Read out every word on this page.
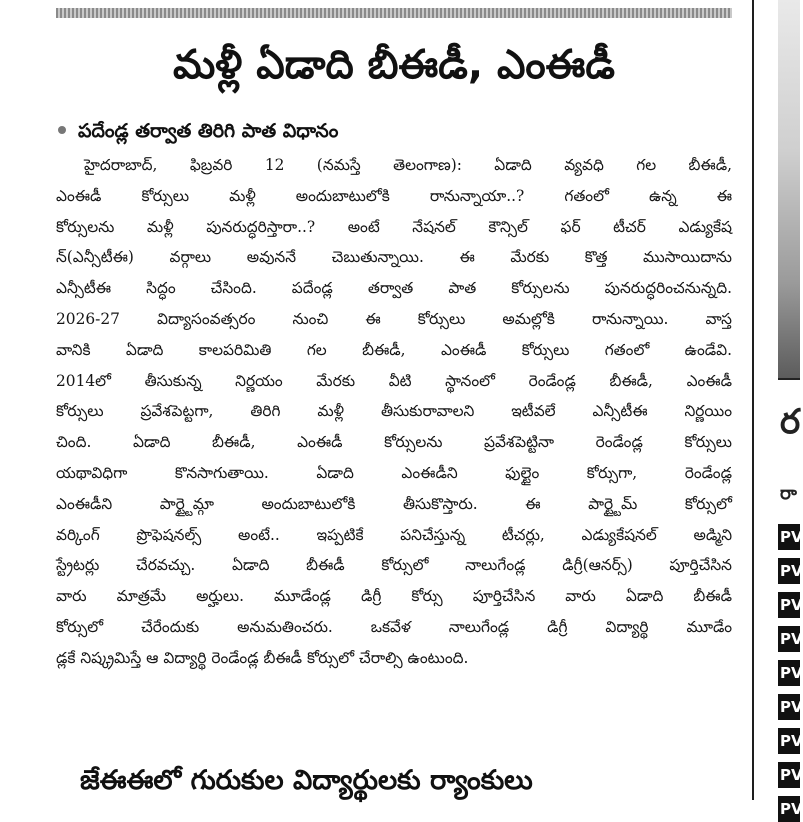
మళ్లీ ఏడాది బీఈడీ, ఎంఈడీ
పదేండ్ల తర్వాత తిరిగి పాత విధానం
హైదరాబాద్, ఫిబ్రవరి 12 (నమస్తే తెలంగాణ): ఏడాది వ్యవధి గల బీఈడీ,
ఎంఈడీ కోర్సులు మళ్లీ అందుబాటులోకి రానున్నాయా..? గతంలో ఉన్న ఈ
కోర్సులను మళ్లీ పునరుద్ధరిస్తారా..? అంటే నేషనల్ కౌన్సిల్ ఫర్ టీచర్ ఎడ్యుకేష
న్(ఎన్సీటీఈ) వర్గాలు అవుననే చెబుతున్నాయి. ఈ మేరకు కొత్త ముసాయిదాను
ఎన్సీటీఈ సిద్ధం చేసింది. పదేండ్ల తర్వాత పాత కోర్సులను పునరుద్ధరించనున్నది.
2026-27 విద్యాసంవత్సరం నుంచి ఈ కోర్సులు అమల్లోకి రానున్నాయి. వాస్త
వానికి ఏడాది కాలపరిమితి గల బీఈడీ, ఎంఈడీ కోర్సులు గతంలో ఉండేవి.
2014లో తీసుకున్న నిర్ణయం మేరకు వీటి స్థానంలో రెండేండ్ల బీఈడీ, ఎంఈడీ
కోర్సులు ప్రవేశపెట్టగా, తిరిగి మళ్లీ తీసుకురావాలని ఇటీవలే ఎన్సీటీఈ నిర్ణయిం
చింది. ఏడాది బీఈడీ, ఎంఈడీ కోర్సులను ప్రవేశపెట్టినా రెండేండ్ల కోర్సులు
యథావిధిగా కొనసాగుతాయి. ఏడాది ఎంఈడీని ఫుల్టైం కోర్సుగా, రెండేండ్ల
ఎంఈడీని పార్ట్టైమ్గా అందుబాటులోకి తీసుకొస్తారు. ఈ పార్ట్టైమ్ కోర్సులో
వర్కింగ్ ప్రొఫెషనల్స్ అంటే.. ఇప్పటికే పనిచేస్తున్న టీచర్లు, ఎడ్యుకేషనల్ అడ్మిని
స్ట్రేటర్లు చేరవచ్చు. ఏడాది బీఈడీ కోర్సులో నాలుగేండ్ల డిగ్రీ(ఆనర్స్) పూర్తిచేసిన
వారు మాత్రమే అర్హులు. మూడేండ్ల డిగ్రీ కోర్సు పూర్తిచేసిన వారు ఏడాది బీఈడీ
కోర్సులో చేరేందుకు అనుమతించరు. ఒకవేళ నాలుగేండ్ల డిగ్రీ విద్యార్థి మూడేం
డ్లకే నిష్క్రమిస్తే ఆ విద్యార్థి రెండేండ్ల బీఈడీ కోర్సులో చేరాల్సి ఉంటుంది.
జేఈఈలో గురుకుల విద్యార్థులకు ర్యాంకులు
ర
రా
PV
PV
PV
PV
PV
PV
PV
PV
PV
